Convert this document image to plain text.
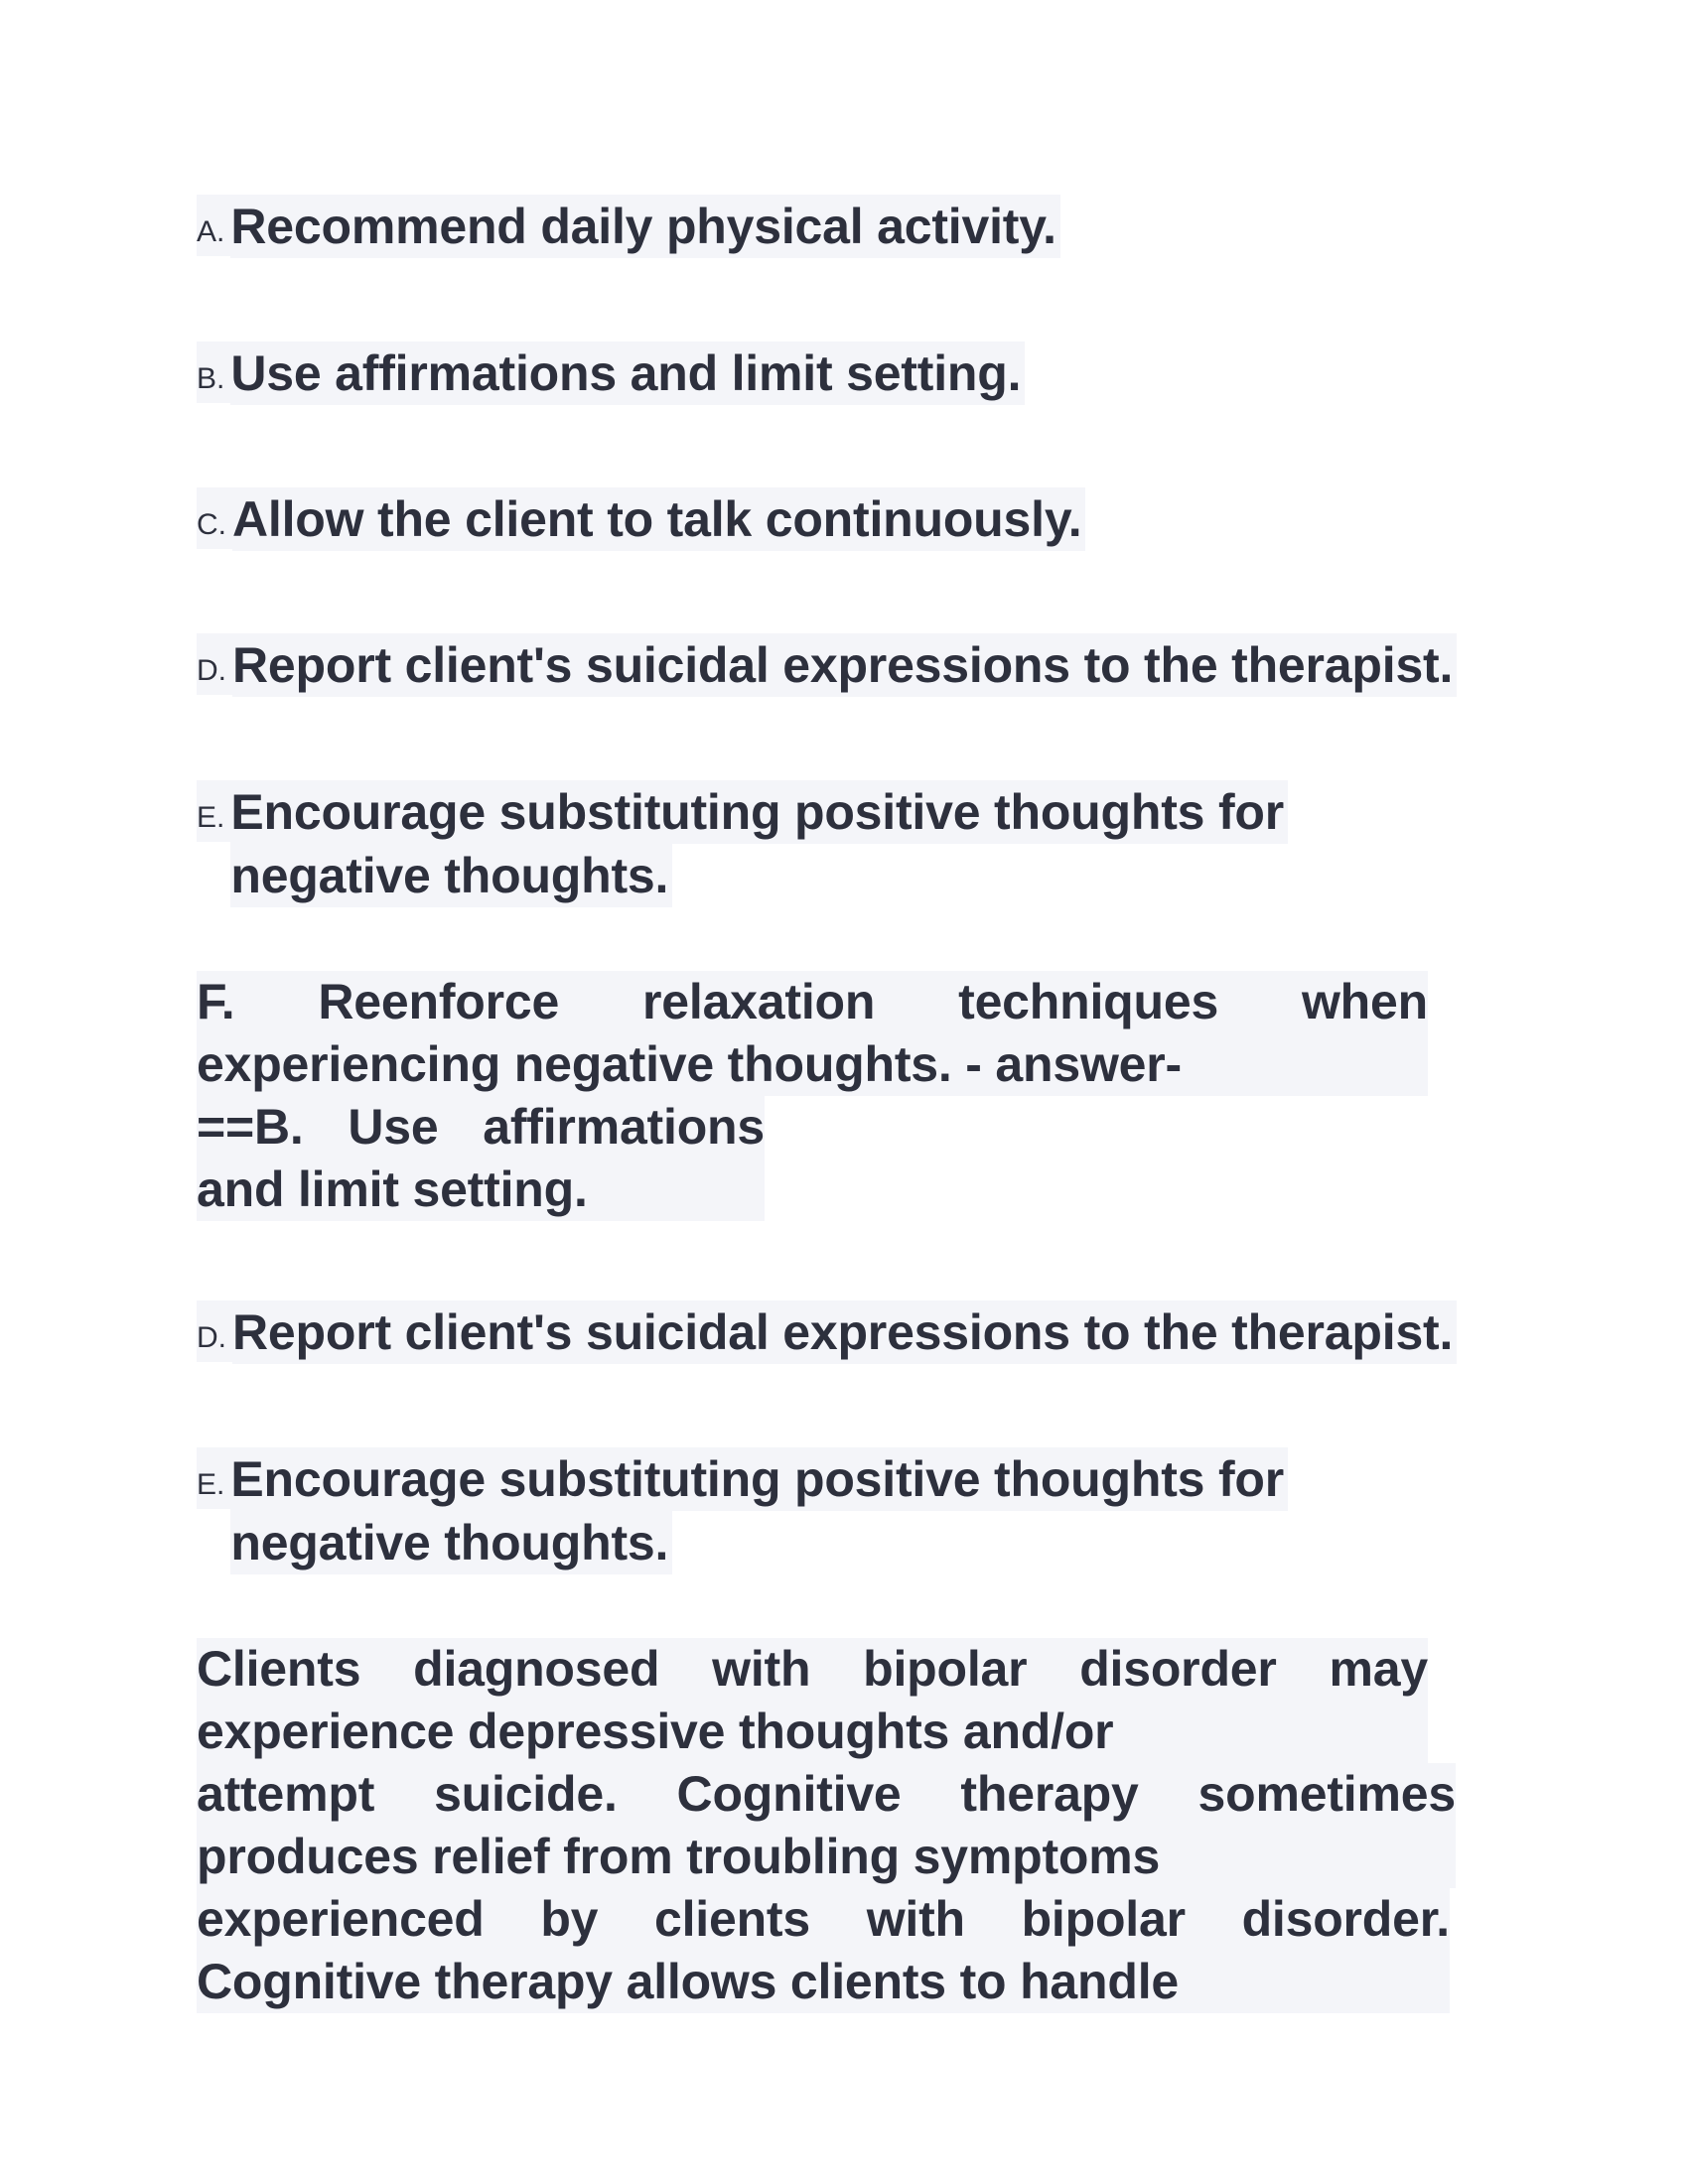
A. Recommend daily physical activity.
B. Use affirmations and limit setting.
C. Allow the client to talk continuously.
D. Report client's suicidal expressions to the therapist.
E. Encourage substituting positive thoughts for
negative thoughts.
F. Reenforce relaxation techniques when
experiencing negative thoughts. - answer-
==B. Use affirmations
and limit setting.
D. Report client's suicidal expressions to the therapist.
E. Encourage substituting positive thoughts for
negative thoughts.
Clients diagnosed with bipolar disorder may
experience depressive thoughts and/or
attempt suicide. Cognitive therapy sometimes
produces relief from troubling symptoms
experienced by clients with bipolar disorder.
Cognitive therapy allows clients to handle
